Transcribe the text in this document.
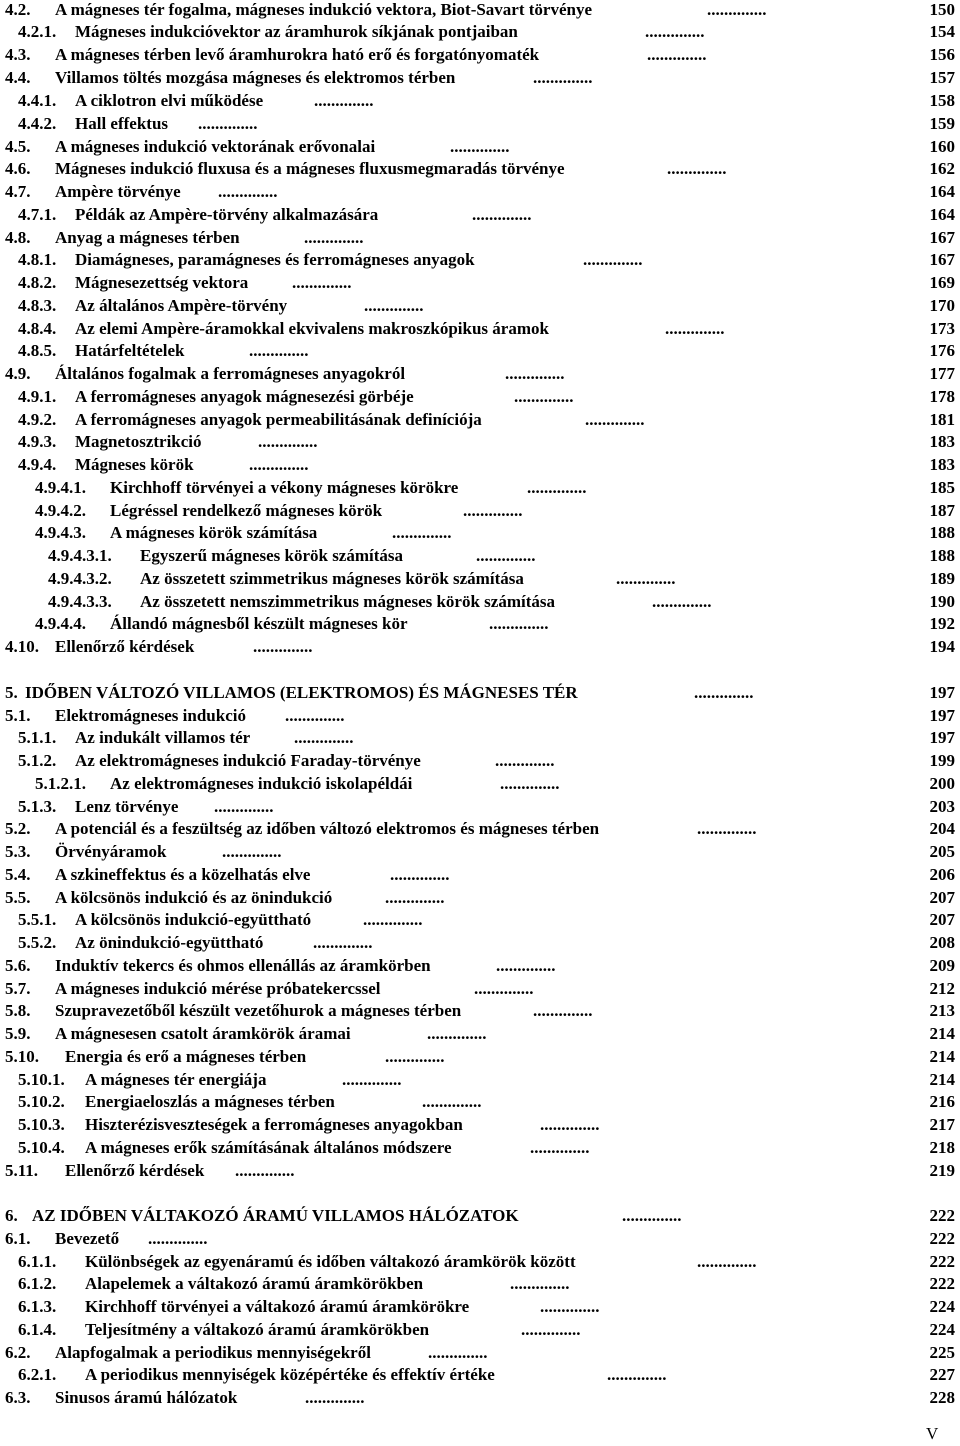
4.2. A mágneses tér fogalma, mágneses indukció vektora, Biot-Savart törvénye	..............	150
4.2.1. Mágneses indukcióvektor az áramhurok síkjának pontjaiban	..............	154
4.3. A mágneses térben levő áramhurokra ható erő és forgatónyomaték	..............	156
4.4. Villamos töltés mozgása mágneses és elektromos térben	..............	157
4.4.1. A ciklotron elvi működése	..............	158
4.4.2. Hall effektus ..............	159
4.5. A mágneses indukció vektorának erővonalai	..............	160
4.6. Mágneses indukció fluxusa és a mágneses fluxusmegmaradás törvénye	..............	162
4.7. Ampère törvénye ..............	164
4.7.1. Példák az Ampère-törvény alkalmazására	..............	164
4.8. Anyag a mágneses térben	..............	167
4.8.1. Diamágneses, paramágneses és ferromágneses anyagok	..............	167
4.8.2. Mágnesezettség vektora	..............	169
4.8.3. Az általános Ampère-törvény	..............	170
4.8.4. Az elemi Ampère-áramokkal ekvivalens makroszkópikus áramok	..............	173
4.8.5. Határfeltételek	..............	176
4.9. Általános fogalmak a ferromágneses anyagokról	..............	177
4.9.1. A ferromágneses anyagok mágnesezési görbéje	..............	178
4.9.2. A ferromágneses anyagok permeabilitásának definíciója	..............	181
4.9.3. Magnetosztrikció	..............	183
4.9.4. Mágneses körök	..............	183
4.9.4.1. Kirchhoff törvényei a vékony mágneses körökre	..............	185
4.9.4.2. Légréssel rendelkező mágneses körök	..............	187
4.9.4.3. A mágneses körök számítása	..............	188
4.9.4.3.1. Egyszerű mágneses körök számítása	..............	188
4.9.4.3.2. Az összetett szimmetrikus mágneses körök számítása	..............	189
4.9.4.3.3. Az összetett nemszimmetrikus mágneses körök számítása	..............	190
4.9.4.4. Állandó mágnesből készült mágneses kör	..............	192
4.10. Ellenőrző kérdések	..............	194
5. IDŐBEN VÁLTOZÓ VILLAMOS (ELEKTROMOS) ÉS MÁGNESES TÉR	..............	197
5.1. Elektromágneses indukció ..............	197
5.1.1. Az indukált villamos tér	..............	197
5.1.2. Az elektromágneses indukció Faraday-törvénye	..............	199
5.1.2.1. Az elektromágneses indukció iskolapéldái	..............	200
5.1.3. Lenz törvénye ..............	203
5.2. A potenciál és a feszültség az időben változó elektromos és mágneses térben	..............	204
5.3. Örvényáramok	..............	205
5.4. A szkineffektus és a közelhatás elve	..............	206
5.5. A kölcsönös indukció és az önindukció	..............	207
5.5.1. A kölcsönös indukció-együttható	..............	207
5.5.2. Az önindukció-együttható	..............	208
5.6. Induktív tekercs és ohmos ellenállás az áramkörben	..............	209
5.7. A mágneses indukció mérése próbatekercssel	..............	212
5.8. Szupravezetőből készült vezetőhurok a mágneses térben	..............	213
5.9. A mágnesesen csatolt áramkörök áramai	..............	214
5.10. Energia és erő a mágneses térben	..............	214
5.10.1. A mágneses tér energiája	..............	214
5.10.2. Energiaeloszlás a mágneses térben	..............	216
5.10.3. Hiszterézisveszteségek a ferromágneses anyagokban	..............	217
5.10.4. A mágneses erők számításának általános módszere	..............	218
5.11. Ellenőrző kérdések ..............	219
6. AZ IDŐBEN VÁLTAKOZÓ ÁRAMÚ VILLAMOS HÁLÓZATOK	..............	222
6.1. Bevezető ..............	222
6.1.1. Különbségek az egyenáramú és időben váltakozó áramkörök között	..............	222
6.1.2. Alapelemek a váltakozó áramú áramkörökben	..............	222
6.1.3. Kirchhoff törvényei a váltakozó áramú áramkörökre	..............	224
6.1.4. Teljesítmény a váltakozó áramú áramkörökben	..............	224
6.2. Alapfogalmak a periodikus mennyiségekről	..............	225
6.2.1. A periodikus mennyiségek középértéke és effektív értéke	..............	227
6.3. Sinusos áramú hálózatok	..............	228
V
